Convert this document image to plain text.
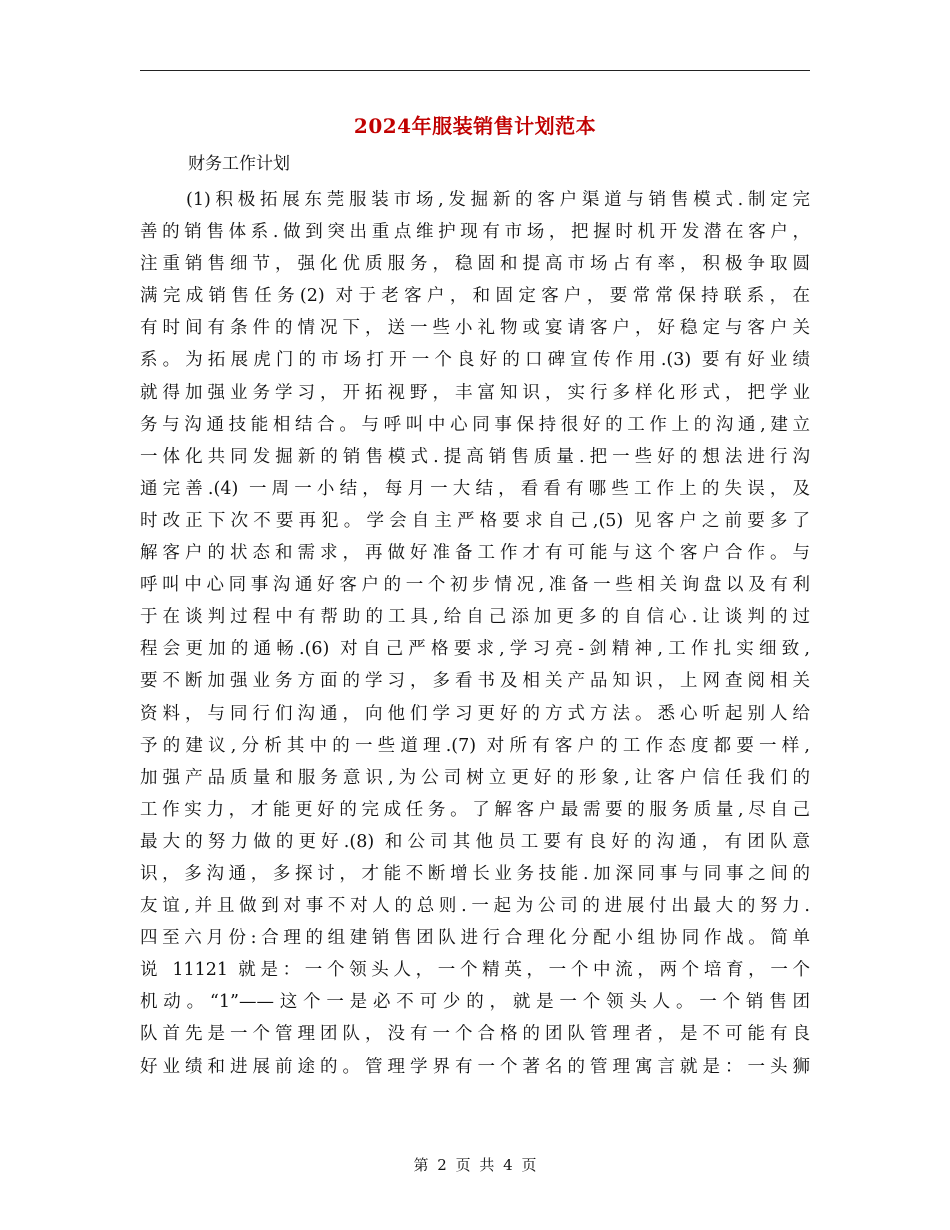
2024年服装销售计划范本
财务工作计划
(1)积极拓展东莞服装市场,发掘新的客户渠道与销售模式.制定完
善的销售体系.做到突出重点维护现有市场，把握时机开发潜在客户，
注重销售细节，强化优质服务，稳固和提高市场占有率，积极争取圆
满完成销售任务(2) 对于老客户，和固定客户，要常常保持联系，在
有时间有条件的情况下，送一些小礼物或宴请客户，好稳定与客户关
系。为拓展虎门的市场打开一个良好的口碑宣传作用.(3) 要有好业绩
就得加强业务学习，开拓视野，丰富知识，实行多样化形式，把学业
务与沟通技能相结合。与呼叫中心同事保持很好的工作上的沟通,建立
一体化共同发掘新的销售模式.提高销售质量.把一些好的想法进行沟
通完善.(4) 一周一小结，每月一大结，看看有哪些工作上的失误，及
时改正下次不要再犯。学会自主严格要求自己,(5) 见客户之前要多了
解客户的状态和需求，再做好准备工作才有可能与这个客户合作。与
呼叫中心同事沟通好客户的一个初步情况,准备一些相关询盘以及有利
于在谈判过程中有帮助的工具,给自己添加更多的自信心.让谈判的过
程会更加的通畅.(6) 对自己严格要求,学习亮-剑精神,工作扎实细致,
要不断加强业务方面的学习，多看书及相关产品知识，上网查阅相关
资料，与同行们沟通，向他们学习更好的方式方法。悉心听起别人给
予的建议,分析其中的一些道理.(7) 对所有客户的工作态度都要一样,
加强产品质量和服务意识,为公司树立更好的形象,让客户信任我们的
工作实力，才能更好的完成任务。了解客户最需要的服务质量,尽自己
最大的努力做的更好.(8) 和公司其他员工要有良好的沟通，有团队意
识，多沟通，多探讨，才能不断增长业务技能.加深同事与同事之间的
友谊,并且做到对事不对人的总则.一起为公司的进展付出最大的努力.
四至六月份:合理的组建销售团队进行合理化分配小组协同作战。简单
说 11121 就是：一个领头人，一个精英，一个中流，两个培育，一个
机动。“1”——这个一是必不可少的，就是一个领头人。一个销售团
队首先是一个管理团队，没有一个合格的团队管理者，是不可能有良
好业绩和进展前途的。管理学界有一个著名的管理寓言就是：一头狮
第 2 页 共 4 页
